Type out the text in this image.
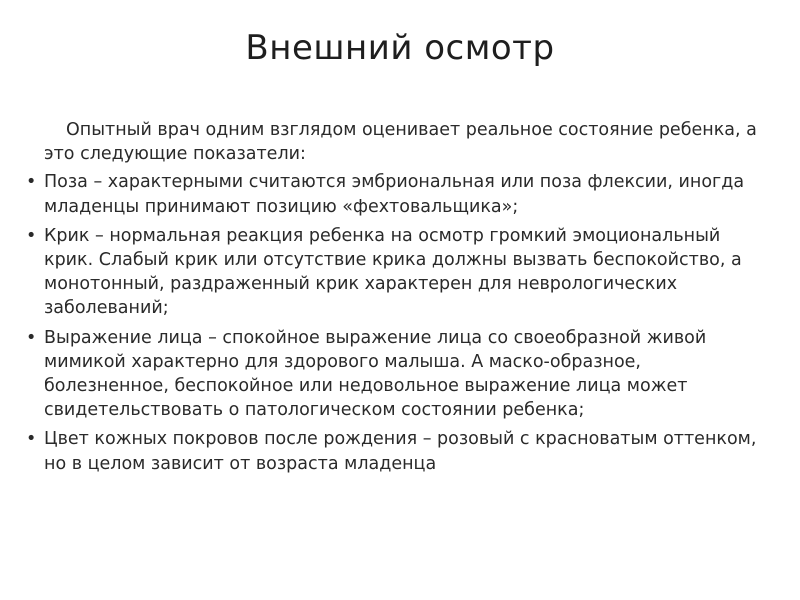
Внешний осмотр

Опытный врач одним взглядом оценивает реальное состояние ребенка, а это следующие показатели:

• Поза – характерными считаются эмбриональная или поза флексии, иногда младенцы принимают позицию «фехтовальщика»;
• Крик – нормальная реакция ребенка на осмотр громкий эмоциональный крик. Слабый крик или отсутствие крика должны вызвать беспокойство, а монотонный, раздраженный крик характерен для неврологических заболеваний;
• Выражение лица – спокойное выражение лица со своеобразной живой мимикой характерно для здорового малыша. А маско-образное, болезненное, беспокойное или недовольное выражение лица может свидетельствовать о патологическом состоянии ребенка;
• Цвет кожных покровов после рождения – розовый с красноватым оттенком, но в целом зависит от возраста младенца
